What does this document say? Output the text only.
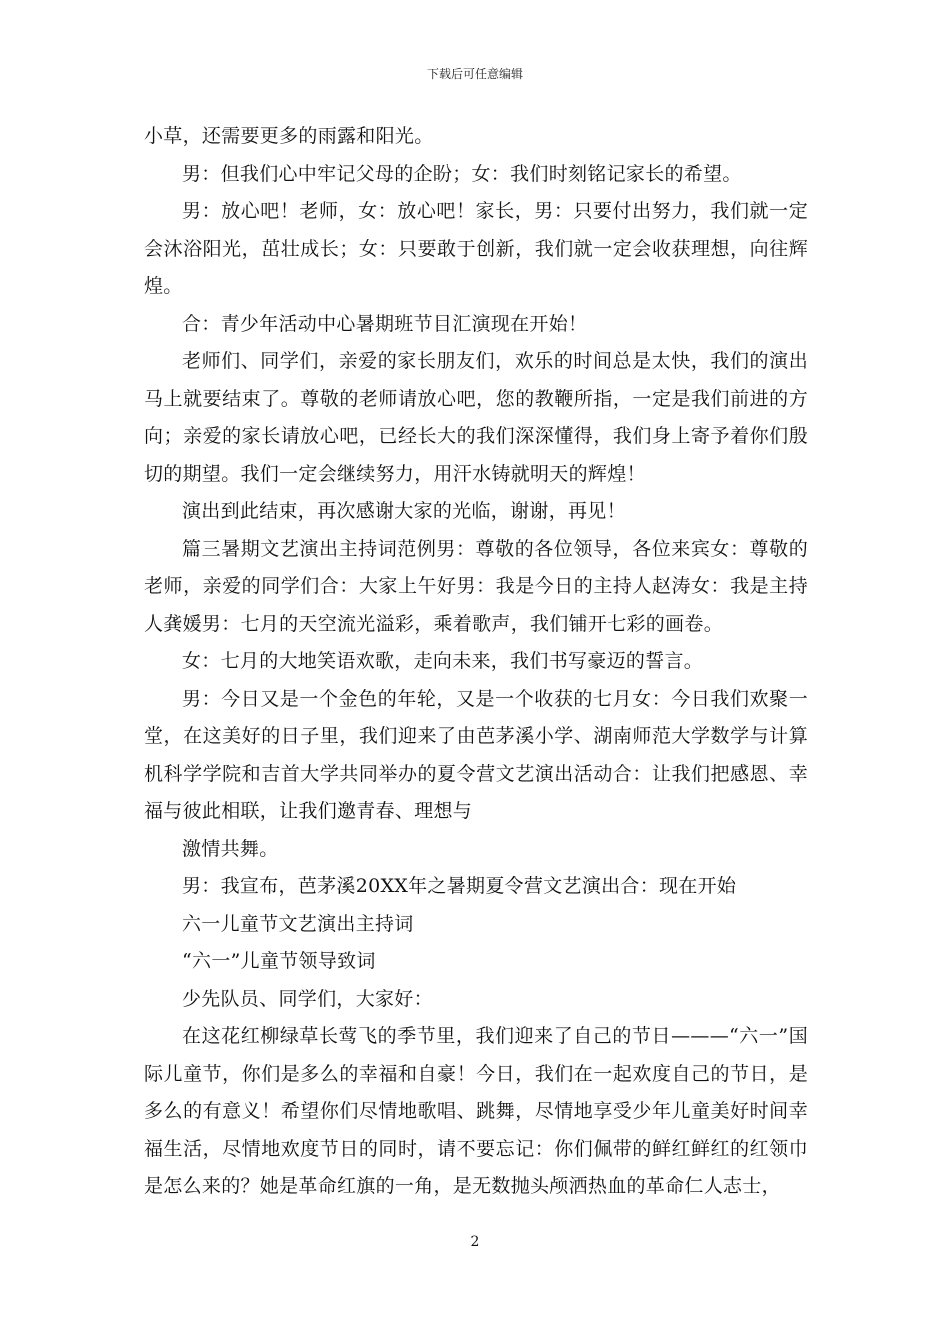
下载后可任意编辑

小草，还需要更多的雨露和阳光。

男：但我们心中牢记父母的企盼；女：我们时刻铭记家长的希望。

男：放心吧！老师，女：放心吧！家长，男：只要付出努力，我们就一定会沐浴阳光，茁壮成长；女：只要敢于创新，我们就一定会收获理想，向往辉煌。

合：青少年活动中心暑期班节目汇演现在开始！

老师们、同学们，亲爱的家长朋友们，欢乐的时间总是太快，我们的演出马上就要结束了。尊敬的老师请放心吧，您的教鞭所指，一定是我们前进的方向；亲爱的家长请放心吧，已经长大的我们深深懂得，我们身上寄予着你们殷切的期望。我们一定会继续努力，用汗水铸就明天的辉煌！

演出到此结束，再次感谢大家的光临，谢谢，再见！

篇三暑期文艺演出主持词范例男：尊敬的各位领导，各位来宾女：尊敬的老师，亲爱的同学们合：大家上午好男：我是今日的主持人赵涛女：我是主持人龚媛男：七月的天空流光溢彩，乘着歌声，我们铺开七彩的画卷。

女：七月的大地笑语欢歌，走向未来，我们书写豪迈的誓言。

男：今日又是一个金色的年轮，又是一个收获的七月女：今日我们欢聚一堂，在这美好的日子里，我们迎来了由芭茅溪小学、湖南师范大学数学与计算机科学学院和吉首大学共同举办的夏令营文艺演出活动合：让我们把感恩、幸福与彼此相联，让我们邀青春、理想与

激情共舞。

男：我宣布，芭茅溪20XX年之暑期夏令营文艺演出合：现在开始

六一儿童节文艺演出主持词

“六一”儿童节领导致词

少先队员、同学们，大家好：

在这花红柳绿草长莺飞的季节里，我们迎来了自己的节日———“六一”国际儿童节，你们是多么的幸福和自豪！今日，我们在一起欢度自己的节日，是多么的有意义！希望你们尽情地歌唱、跳舞，尽情地享受少年儿童美好时间幸福生活，尽情地欢度节日的同时，请不要忘记：你们佩带的鲜红鲜红的红领巾是怎么来的？她是革命红旗的一角，是无数抛头颅洒热血的革命仁人志士，

2
